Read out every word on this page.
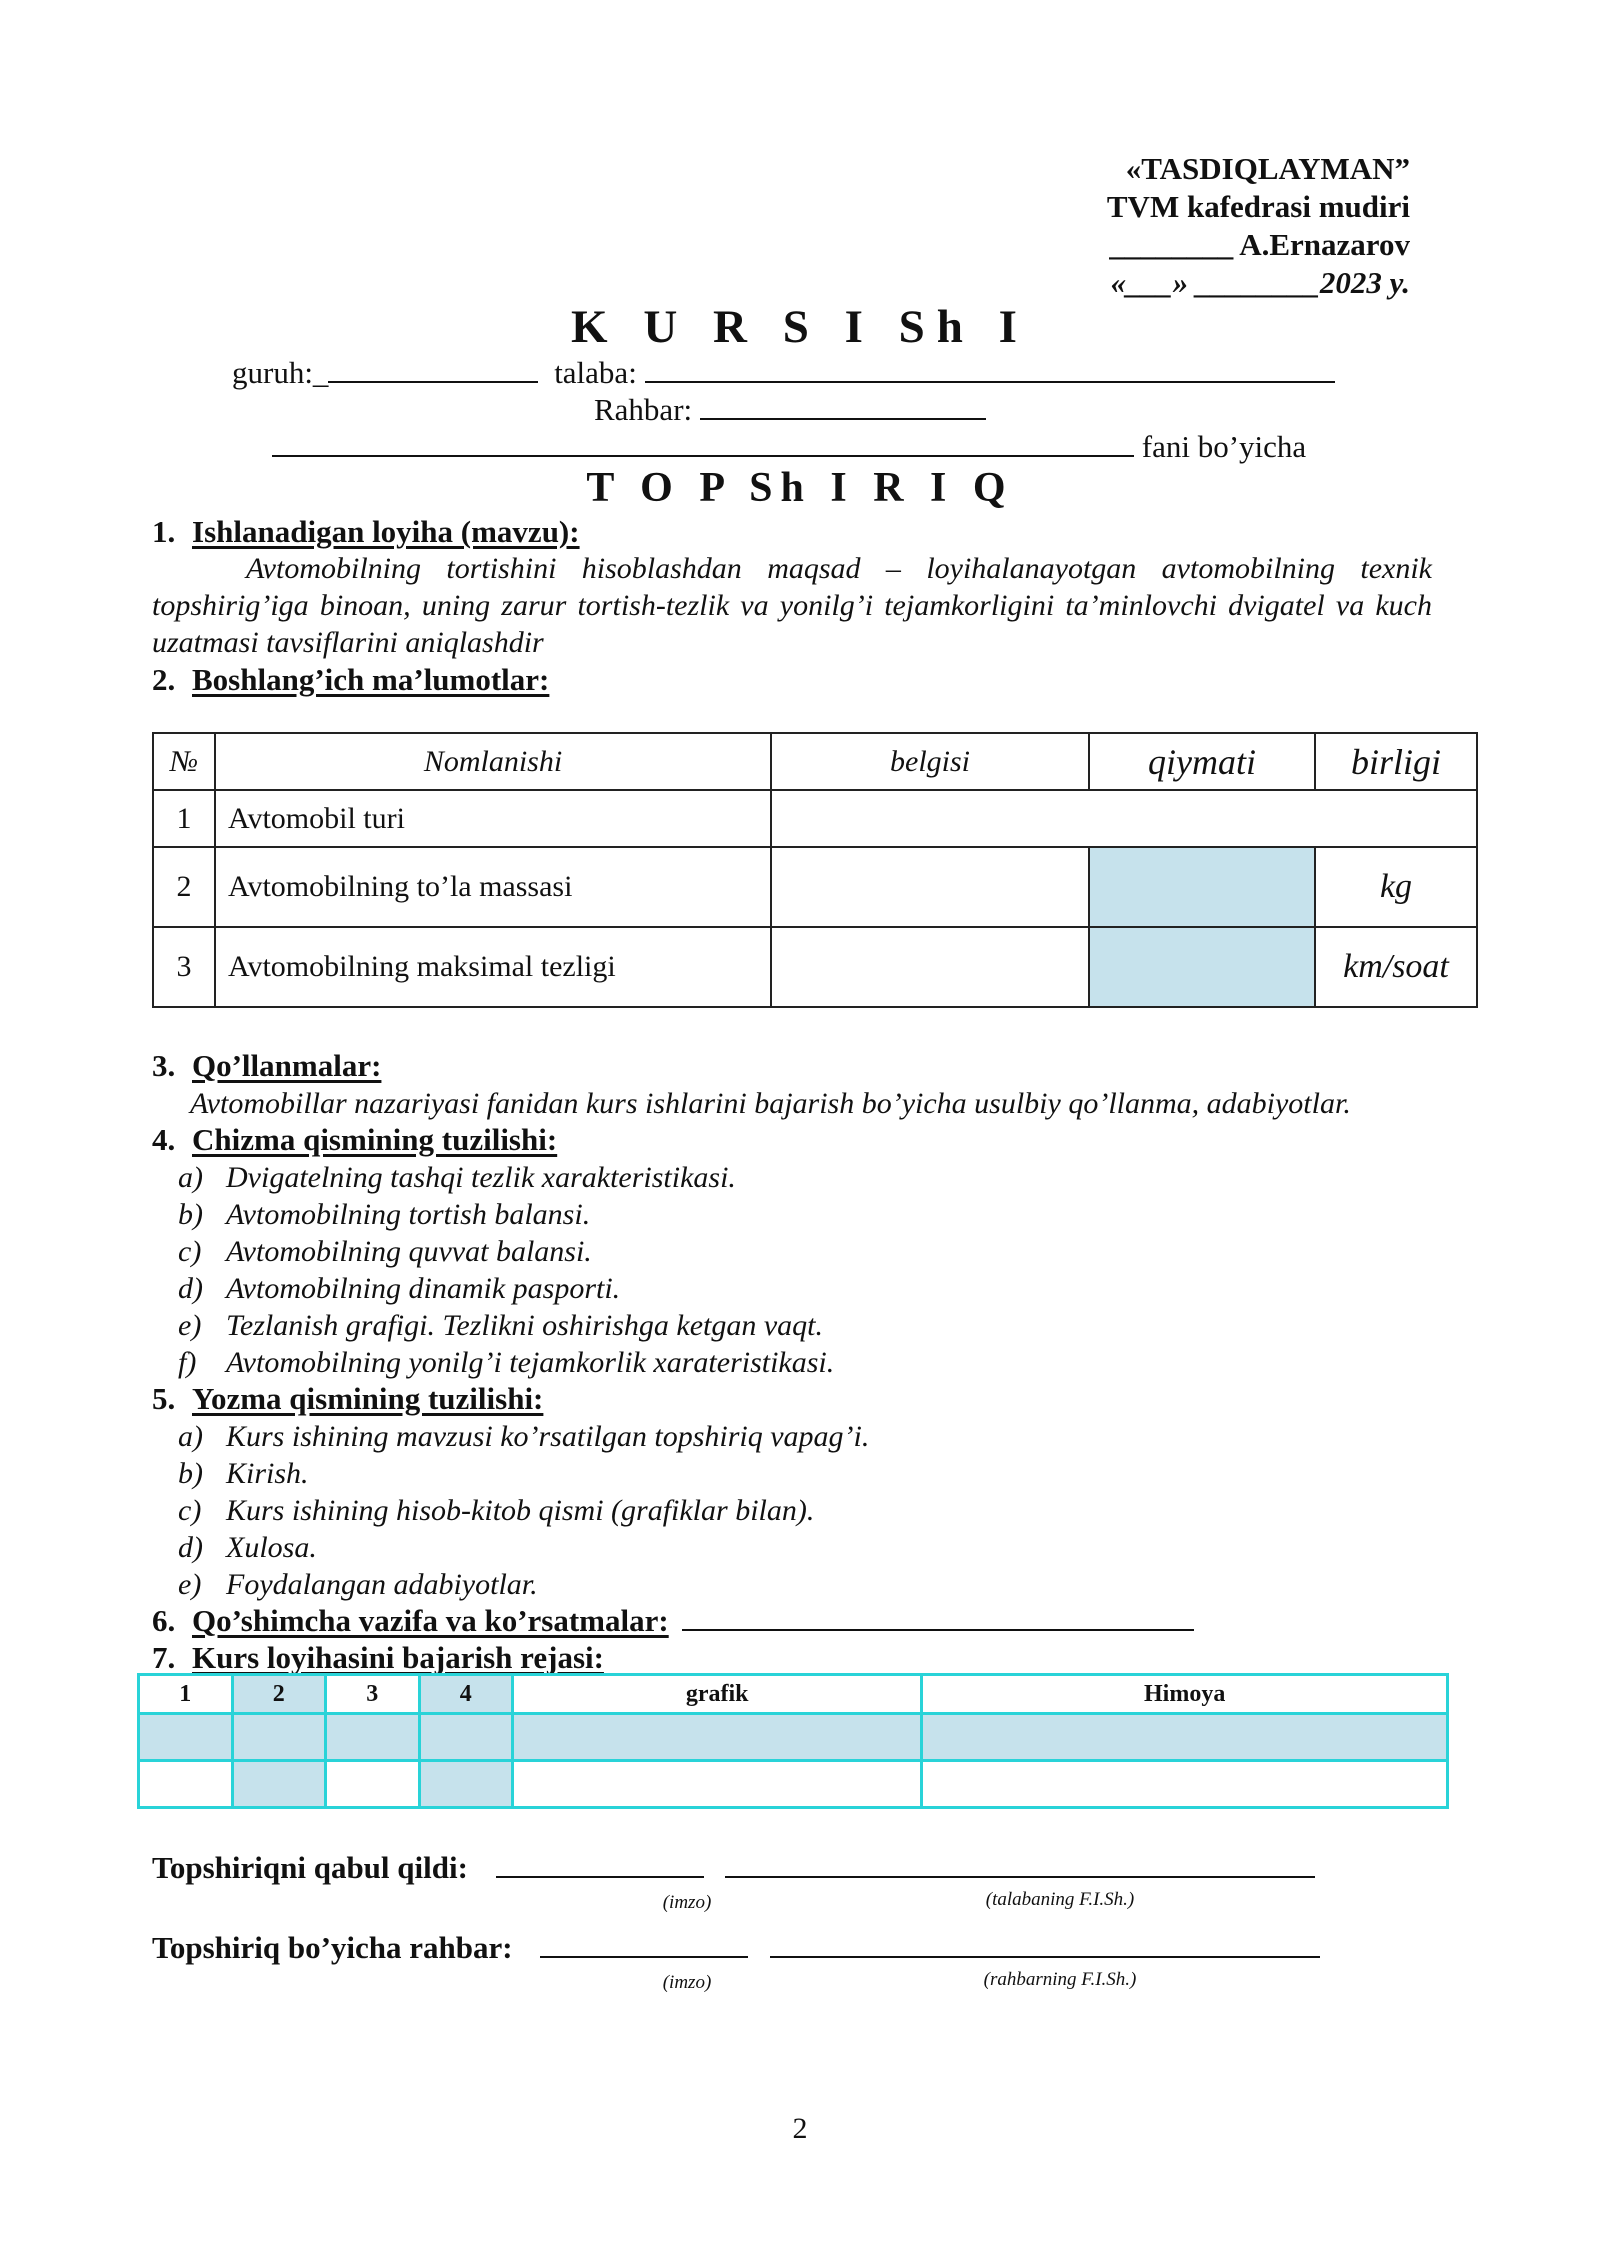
«TASDIQLAYMAN”
TVM kafedrasi mudiri
________ A.Ernazarov
«___» ________2023 y.
K U R S I Sh I
guruh:_	talaba:
Rahbar:
fani bo’yicha
T O P Sh I R I Q
1. Ishlanadigan loyiha (mavzu):
Avtomobilning tortishini hisoblashdan maqsad – loyihalanayotgan avtomobilning texnik topshirig’iga binoan, uning zarur tortish-tezlik va yonilg’i tejamkorligini ta’minlovchi dvigatel va kuch uzatmasi tavsiflarini aniqlashdir
2. Boshlang’ich ma’lumotlar:
№	Nomlanishi	belgisi	qiymati	birligi
1	Avtomobil turi			
2	Avtomobilning to’la massasi			kg
3	Avtomobilning maksimal tezligi			km/soat
3. Qo’llanmalar:
Avtomobillar nazariyasi fanidan kurs ishlarini bajarish bo’yicha usulbiy qo’llanma, adabiyotlar.
4. Chizma qismining tuzilishi:
a) Dvigatelning tashqi tezlik xarakteristikasi.
b) Avtomobilning tortish balansi.
c) Avtomobilning quvvat balansi.
d) Avtomobilning dinamik pasporti.
e) Tezlanish grafigi. Tezlikni oshirishga ketgan vaqt.
f) Avtomobilning yonilg’i tejamkorlik xarateristikasi.
5. Yozma qismining tuzilishi:
a) Kurs ishining mavzusi ko’rsatilgan topshiriq vapag’i.
b) Kirish.
c) Kurs ishining hisob-kitob qismi (grafiklar bilan).
d) Xulosa.
e) Foydalangan adabiyotlar.
6. Qo’shimcha vazifa va ko’rsatmalar:
7. Kurs loyihasini bajarish rejasi:
1	2	3	4	grafik	Himoya

Topshiriqni qabul qildi:
(imzo)	(talabaning F.I.Sh.)
Topshiriq bo’yicha rahbar:
(imzo)	(rahbarning F.I.Sh.)
2
